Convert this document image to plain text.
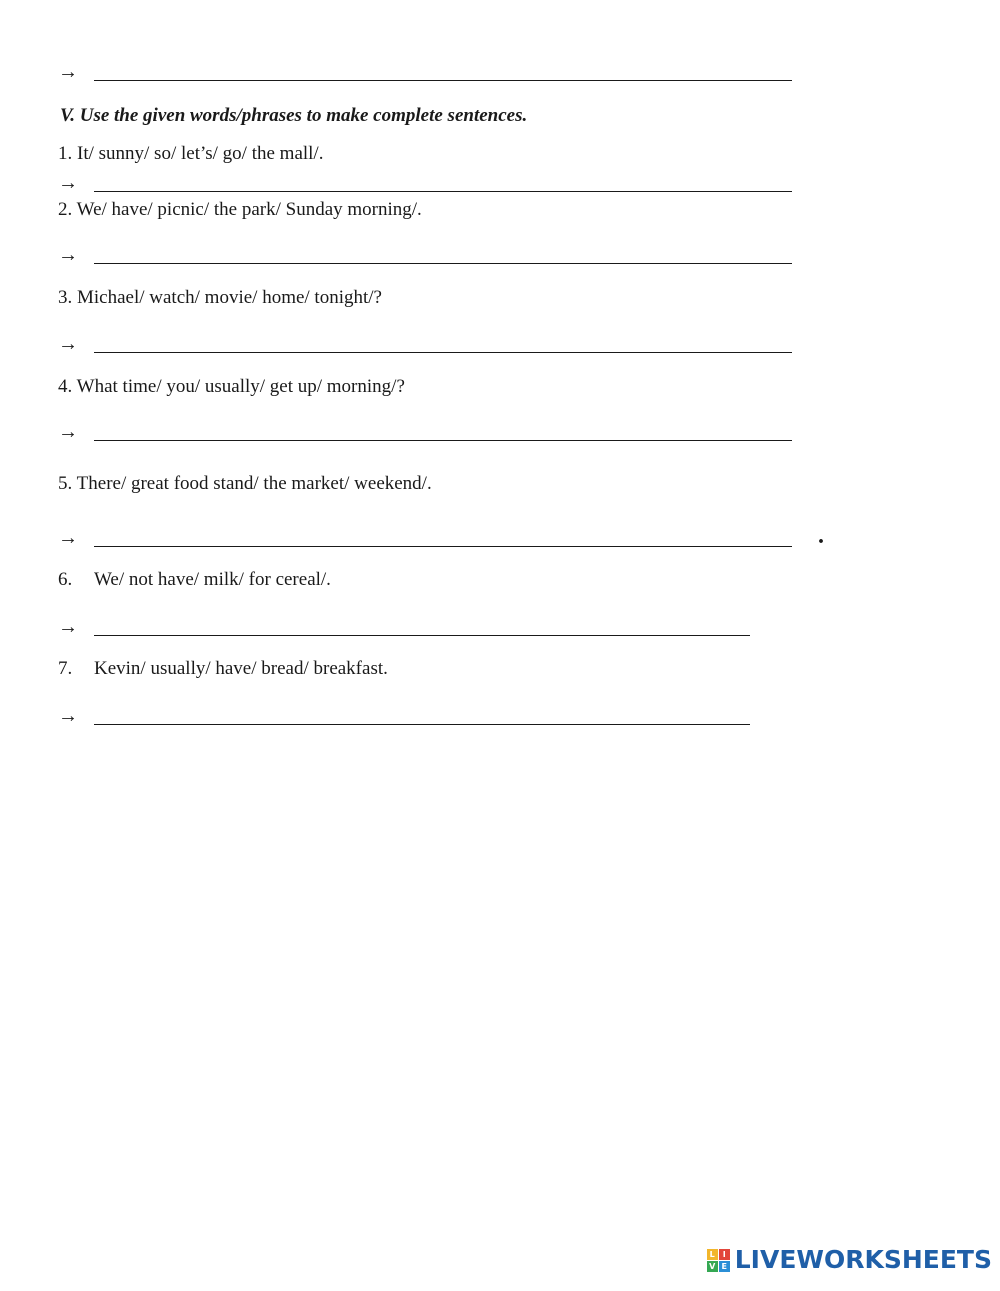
→
V. Use the given words/phrases to make complete sentences.
1. It/ sunny/ so/ let’s/ go/ the mall/.
→
2. We/ have/ picnic/ the park/ Sunday morning/.
→
3. Michael/ watch/ movie/ home/ tonight/?
→
4. What time/ you/ usually/ get up/ morning/?
→
5. There/ great food stand/ the market/ weekend/.
→	.
6. We/ not have/ milk/ for cereal/.
→
7. Kevin/ usually/ have/ bread/ breakfast.
→
L I
V E LIVEWORKSHEETS
